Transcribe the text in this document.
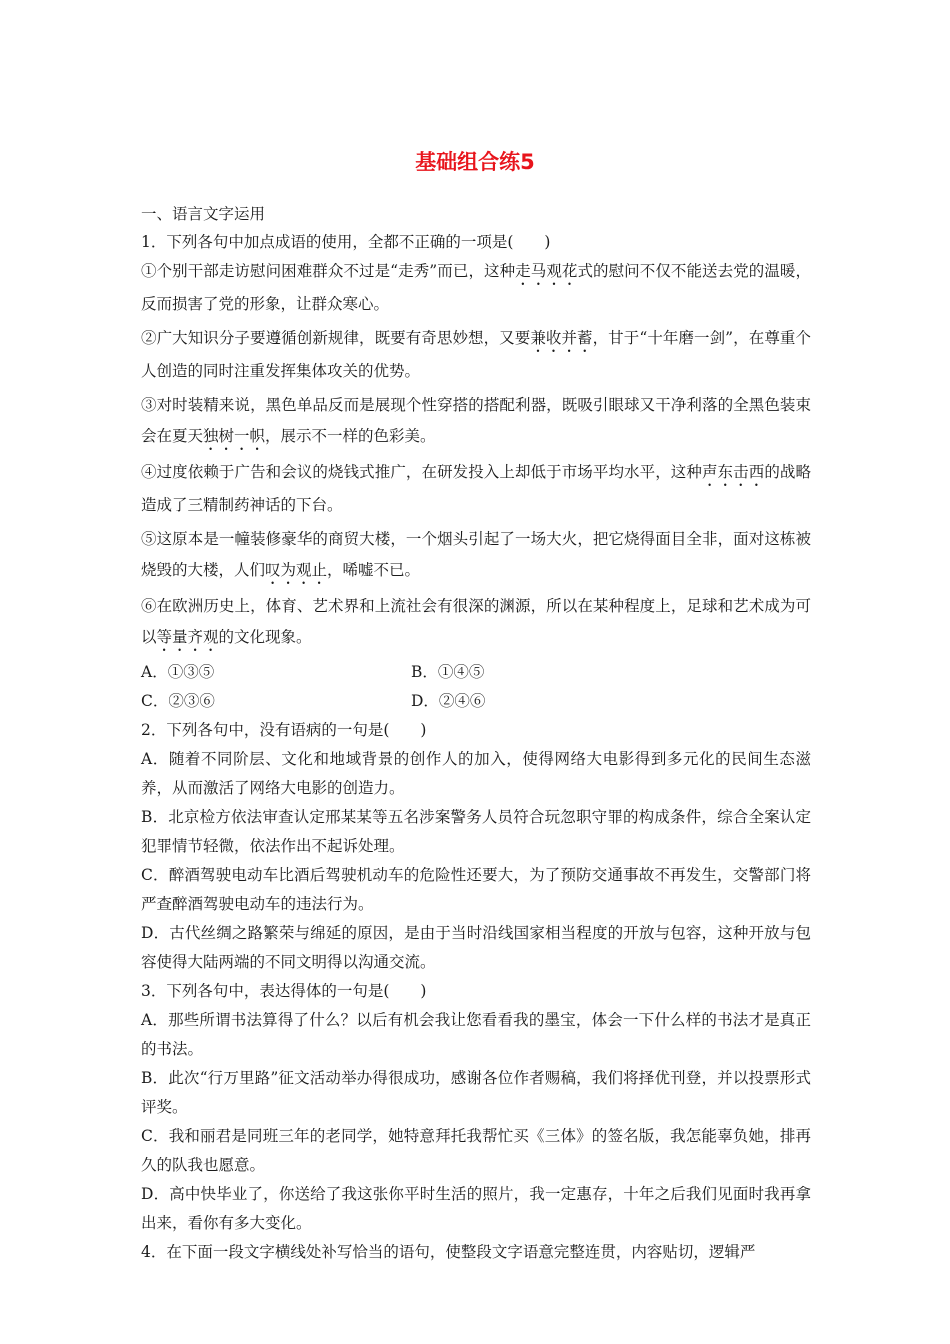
基础组合练5

一、语言文字运用

1．下列各句中加点成语的使用，全都不正确的一项是(　　)

①个别干部走访慰问困难群众不过是“走秀”而已，这种走马观花式的慰问不仅不能送去党的温暖，反而损害了党的形象，让群众寒心。

②广大知识分子要遵循创新规律，既要有奇思妙想，又要兼收并蓄，甘于“十年磨一剑”，在尊重个人创造的同时注重发挥集体攻关的优势。

③对时装精来说，黑色单品反而是展现个性穿搭的搭配利器，既吸引眼球又干净利落的全黑色装束会在夏天独树一帜，展示不一样的色彩美。

④过度依赖于广告和会议的烧钱式推广，在研发投入上却低于市场平均水平，这种声东击西的战略造成了三精制药神话的下台。

⑤这原本是一幢装修豪华的商贸大楼，一个烟头引起了一场大火，把它烧得面目全非，面对这栋被烧毁的大楼，人们叹为观止，唏嘘不已。

⑥在欧洲历史上，体育、艺术界和上流社会有很深的渊源，所以在某种程度上，足球和艺术成为可以等量齐观的文化现象。

A．①③⑤	B．①④⑤

C．②③⑥	D．②④⑥

2．下列各句中，没有语病的一句是(　　)

A．随着不同阶层、文化和地域背景的创作人的加入，使得网络大电影得到多元化的民间生态滋养，从而激活了网络大电影的创造力。

B．北京检方依法审查认定邢某某等五名涉案警务人员符合玩忽职守罪的构成条件，综合全案认定犯罪情节轻微，依法作出不起诉处理。

C．醉酒驾驶电动车比酒后驾驶机动车的危险性还要大，为了预防交通事故不再发生，交警部门将严查醉酒驾驶电动车的违法行为。

D．古代丝绸之路繁荣与绵延的原因，是由于当时沿线国家相当程度的开放与包容，这种开放与包容使得大陆两端的不同文明得以沟通交流。

3．下列各句中，表达得体的一句是(　　)

A．那些所谓书法算得了什么？以后有机会我让您看看我的墨宝，体会一下什么样的书法才是真正的书法。

B．此次“行万里路”征文活动举办得很成功，感谢各位作者赐稿，我们将择优刊登，并以投票形式评奖。

C．我和丽君是同班三年的老同学，她特意拜托我帮忙买《三体》的签名版，我怎能辜负她，排再久的队我也愿意。

D．高中快毕业了，你送给了我这张你平时生活的照片，我一定惠存，十年之后我们见面时我再拿出来，看你有多大变化。

4．在下面一段文字横线处补写恰当的语句，使整段文字语意完整连贯，内容贴切，逻辑严
